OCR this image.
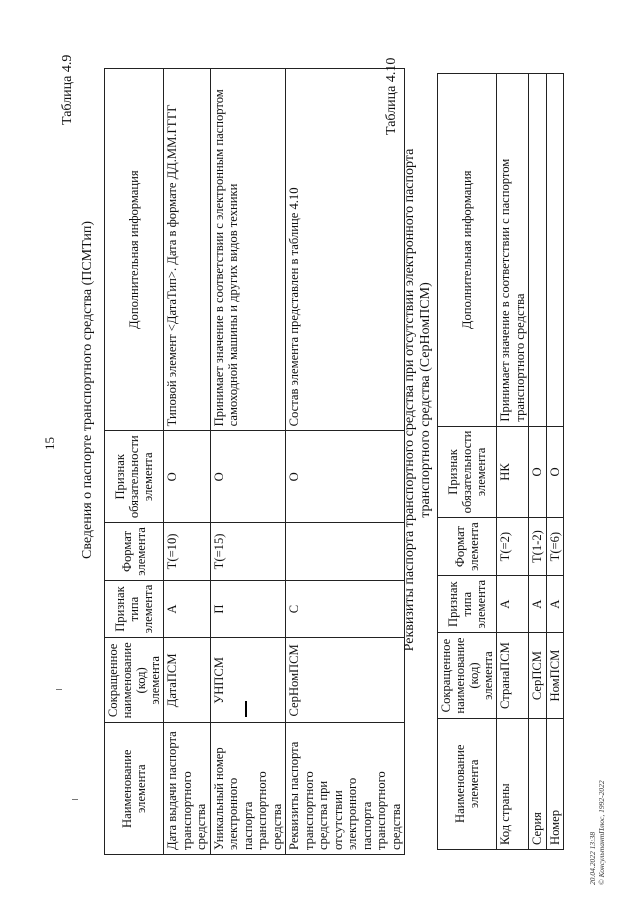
15
Таблица 4.9
Сведения о паспорте транспортного средства (ПСМТип)
Наименование элемента	Сокращенное наименование (код) элемента	Признак типа элемента	Формат элемента	Признак обязательности элемента	Дополнительная информация
Дата выдачи паспорта транспортного средства	ДатаПСМ	А	T(=10)	О	Типовой элемент <ДатаТип>. Дата в формате ДД.ММ.ГГГГ
Уникальный номер электронного паспорта транспортного средства	УНПСМ	П	T(=15)	О	Принимает значение в соответствии с электронным паспортом самоходной машины и других видов техники
Реквизиты паспорта транспортного средства при отсутствии электронного паспорта транспортного средства	СерНомПСМ	С		О	Состав элемента представлен в таблице 4.10
Таблица 4.10
Реквизиты паспорта транспортного средства при отсутствии электронного паспорта транспортного средства (СерНомПСМ)
Наименование элемента	Сокращенное наименование (код) элемента	Признак типа элемента	Формат элемента	Признак обязательности элемента	Дополнительная информация
Код страны	СтранаПСМ	А	T(=2)	НК	Принимает значение в соответствии с паспортом транспортного средства
Серия	СерПСМ	А	T(1-2)	О	
Номер	НомПСМ	А	T(=6)	О	
20.04.2022 13:38 © КонсультантПлюс, 1992-2022
